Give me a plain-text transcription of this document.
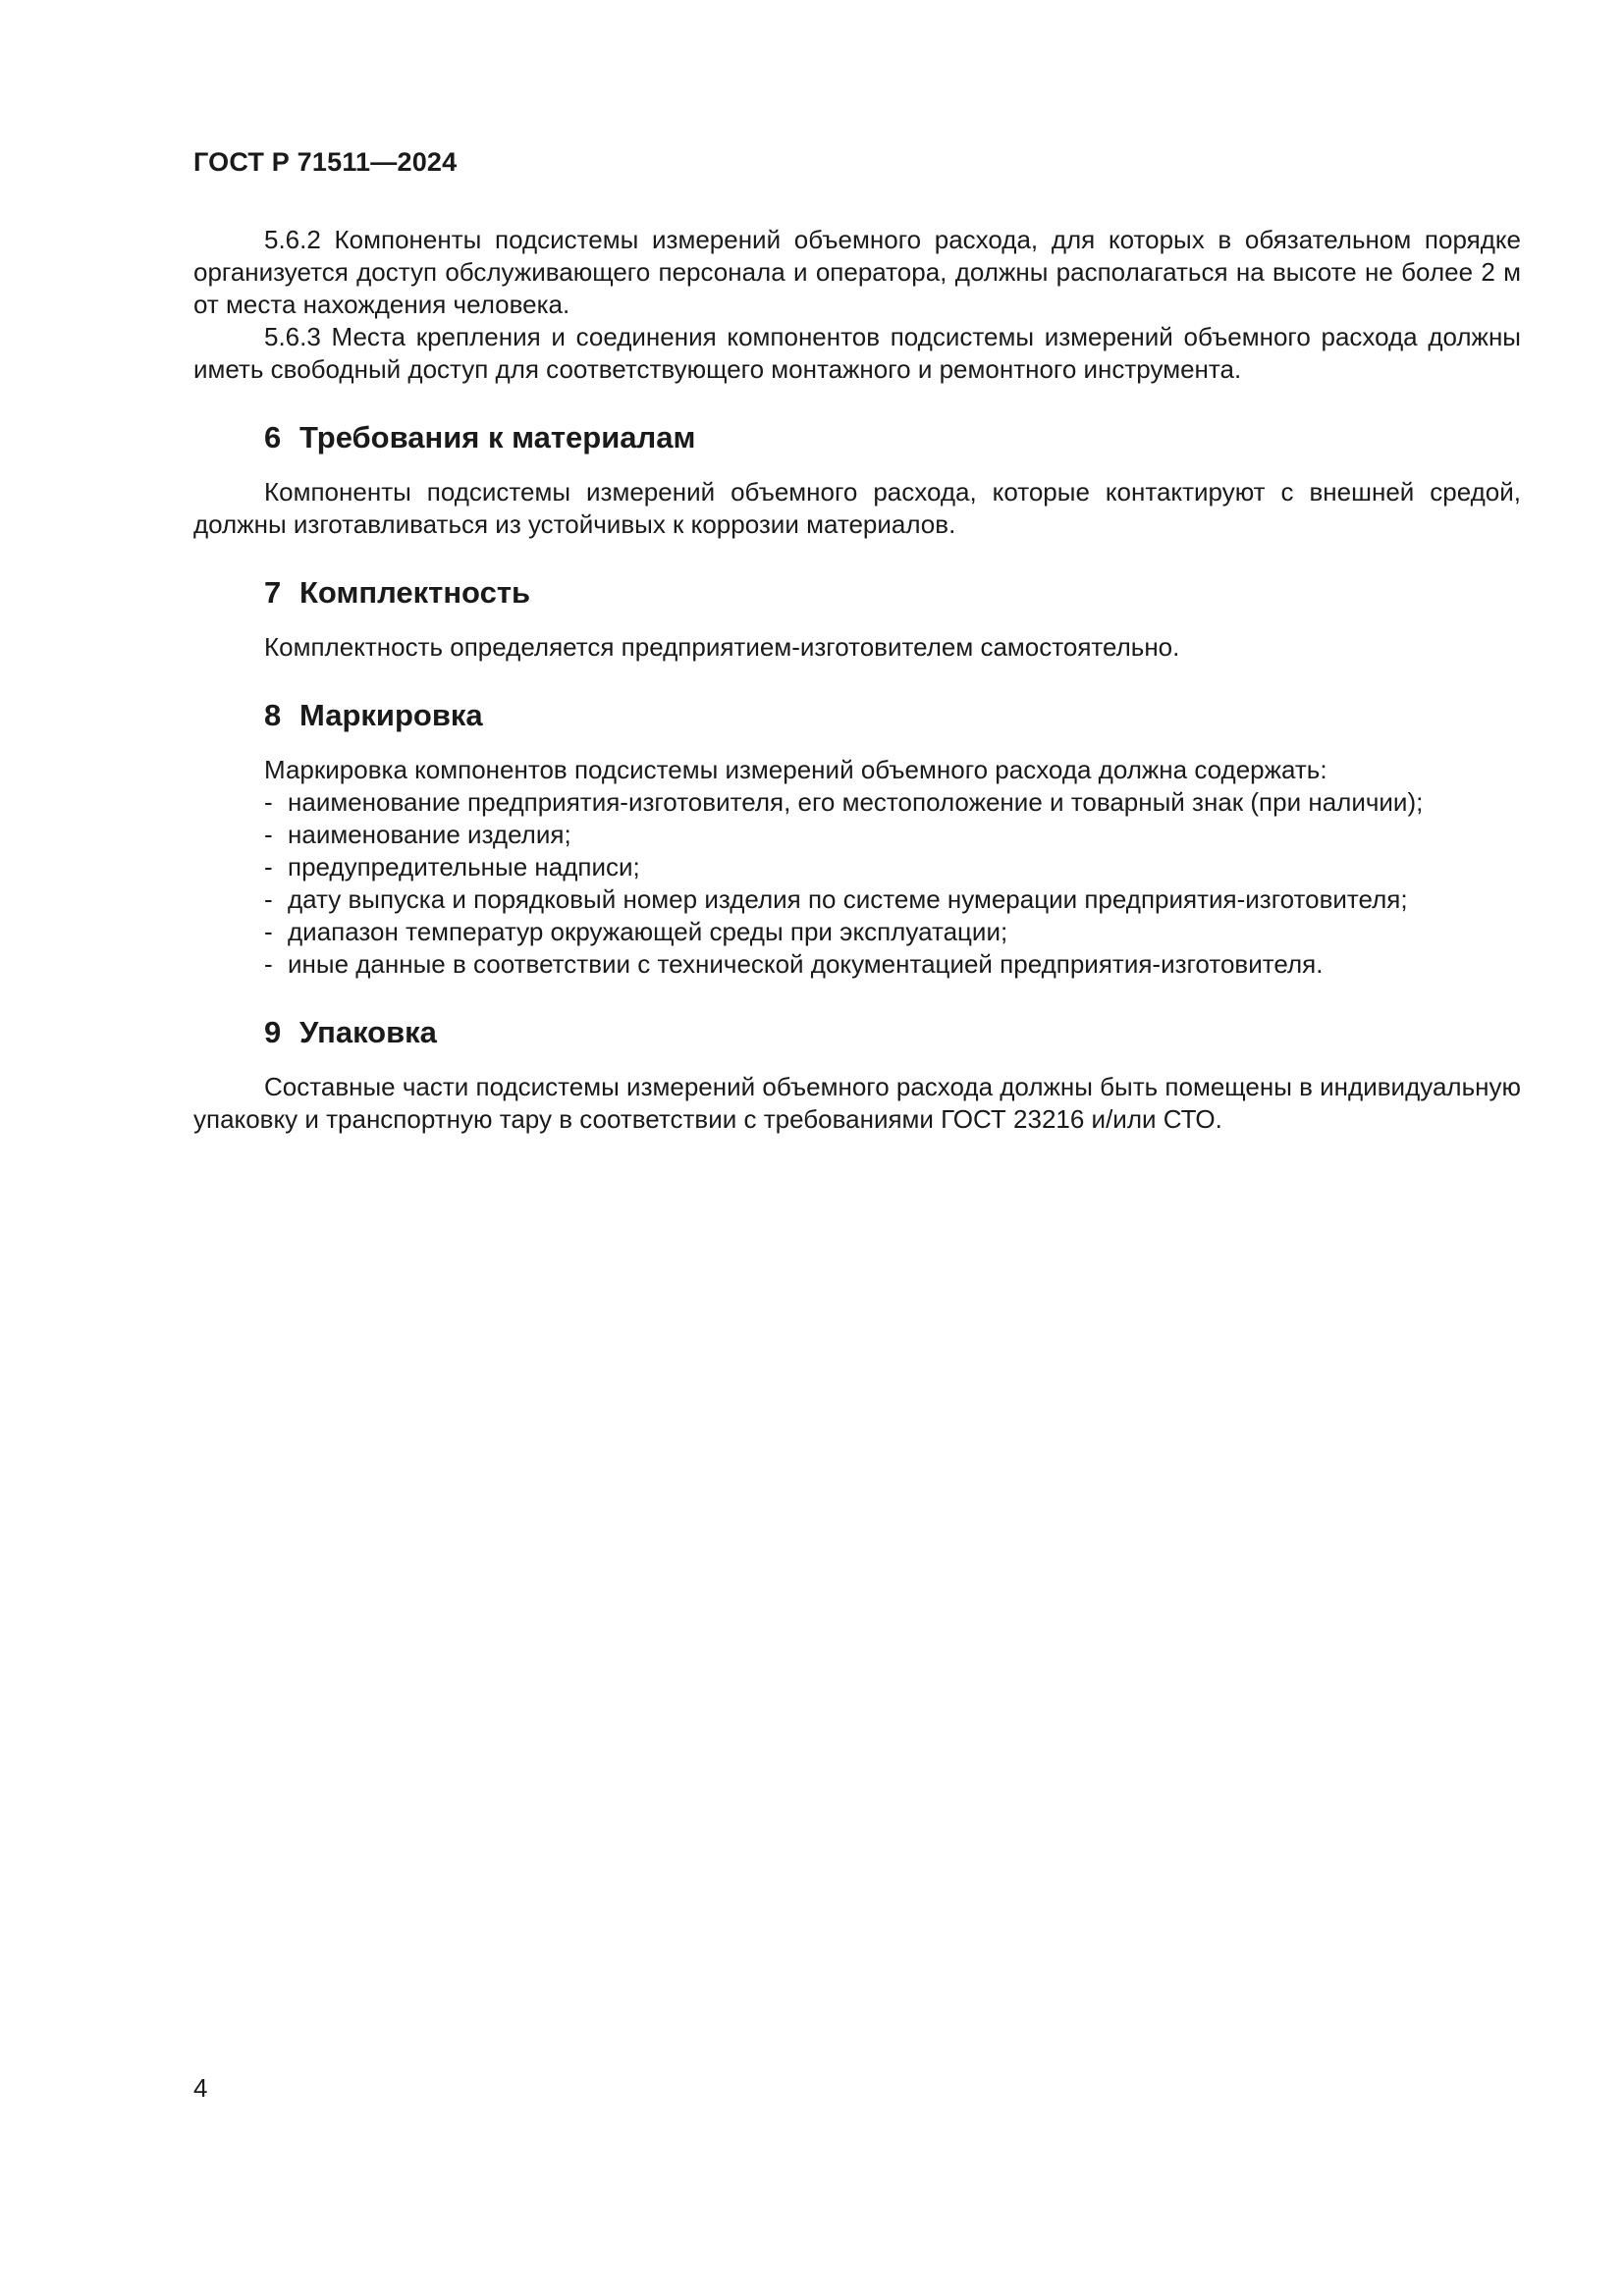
ГОСТ Р 71511—2024

5.6.2 Компоненты подсистемы измерений объемного расхода, для которых в обязательном порядке организуется доступ обслуживающего персонала и оператора, должны располагаться на высоте не более 2 м от места нахождения человека.

5.6.3 Места крепления и соединения компонентов подсистемы измерений объемного расхода должны иметь свободный доступ для соответствующего монтажного и ремонтного инструмента.

6 Требования к материалам

Компоненты подсистемы измерений объемного расхода, которые контактируют с внешней средой, должны изготавливаться из устойчивых к коррозии материалов.

7 Комплектность

Комплектность определяется предприятием-изготовителем самостоятельно.

8 Маркировка

Маркировка компонентов подсистемы измерений объемного расхода должна содержать:

- наименование предприятия-изготовителя, его местоположение и товарный знак (при наличии);
- наименование изделия;
- предупредительные надписи;
- дату выпуска и порядковый номер изделия по системе нумерации предприятия-изготовителя;
- диапазон температур окружающей среды при эксплуатации;
- иные данные в соответствии с технической документацией предприятия-изготовителя.
9 Упаковка

Составные части подсистемы измерений объемного расхода должны быть помещены в индивидуальную упаковку и транспортную тару в соответствии с требованиями ГОСТ 23216 и/или СТО.

4
